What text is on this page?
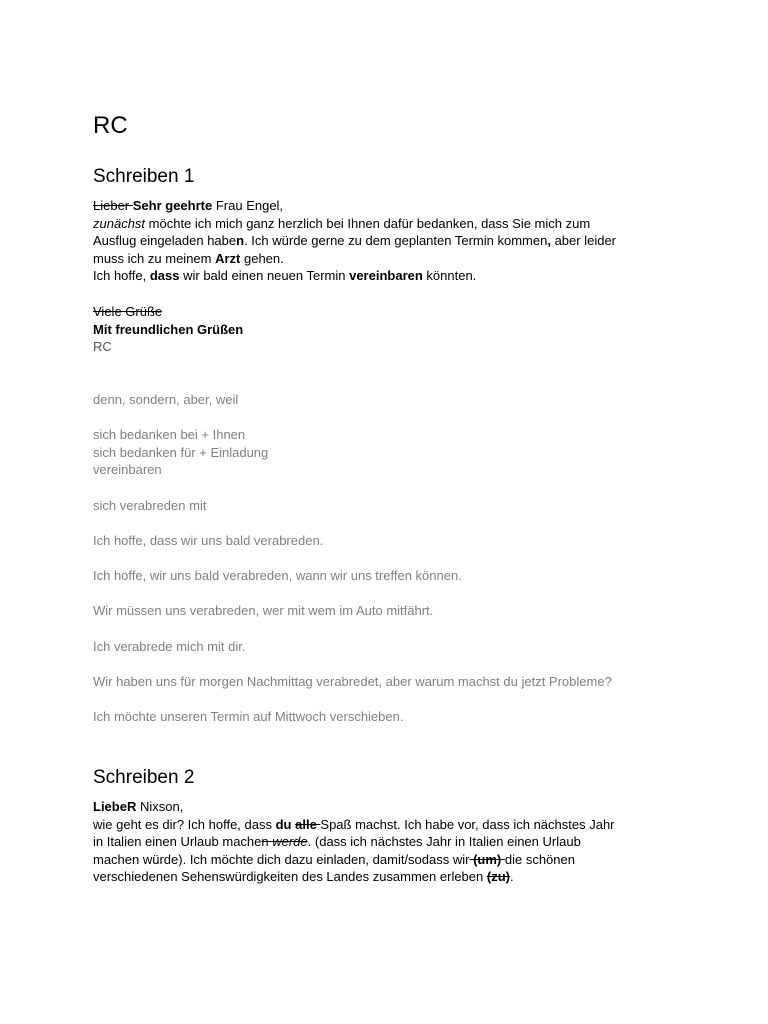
RC
Schreiben 1
Lieber Sehr geehrte Frau Engel,
zunächst möchte ich mich ganz herzlich bei Ihnen dafür bedanken, dass Sie mich zum
Ausflug eingeladen haben. Ich würde gerne zu dem geplanten Termin kommen, aber leider
muss ich zu meinem Arzt gehen.
Ich hoffe, dass wir bald einen neuen Termin vereinbaren könnten.
Viele Grüße
Mit freundlichen Grüßen
RC
denn, sondern, aber, weil
sich bedanken bei + Ihnen
sich bedanken für + Einladung
vereinbaren
sich verabreden mit
Ich hoffe, dass wir uns bald verabreden.
Ich hoffe, wir uns bald verabreden, wann wir uns treffen können.
Wir müssen uns verabreden, wer mit wem im Auto mitfährt.
Ich verabrede mich mit dir.
Wir haben uns für morgen Nachmittag verabredet, aber warum machst du jetzt Probleme?
Ich möchte unseren Termin auf Mittwoch verschieben.
Schreiben 2
LiebeR Nixson,
wie geht es dir? Ich hoffe, dass du alle Spaß machst. Ich habe vor, dass ich nächstes Jahr
in Italien einen Urlaub machen werde. (dass ich nächstes Jahr in Italien einen Urlaub
machen würde). Ich möchte dich dazu einladen, damit/sodass wir (um) die schönen
verschiedenen Sehenswürdigkeiten des Landes zusammen erleben (zu).
